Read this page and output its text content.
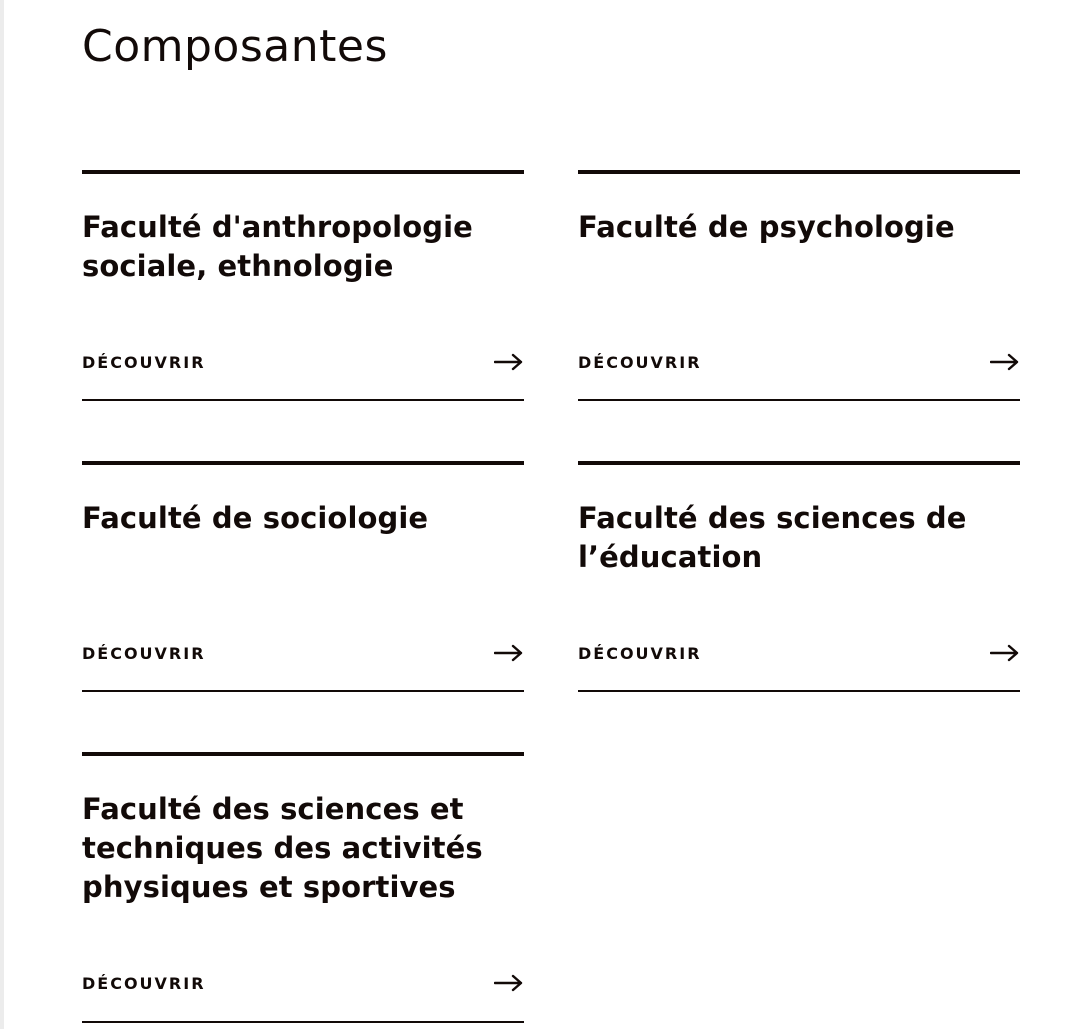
Composantes
Faculté d'anthropologie sociale, ethnologie
DÉCOUVRIR
Faculté de psychologie
DÉCOUVRIR
Faculté de sociologie
DÉCOUVRIR
Faculté des sciences de l’éducation
DÉCOUVRIR
Faculté des sciences et techniques des activités physiques et sportives
DÉCOUVRIR
